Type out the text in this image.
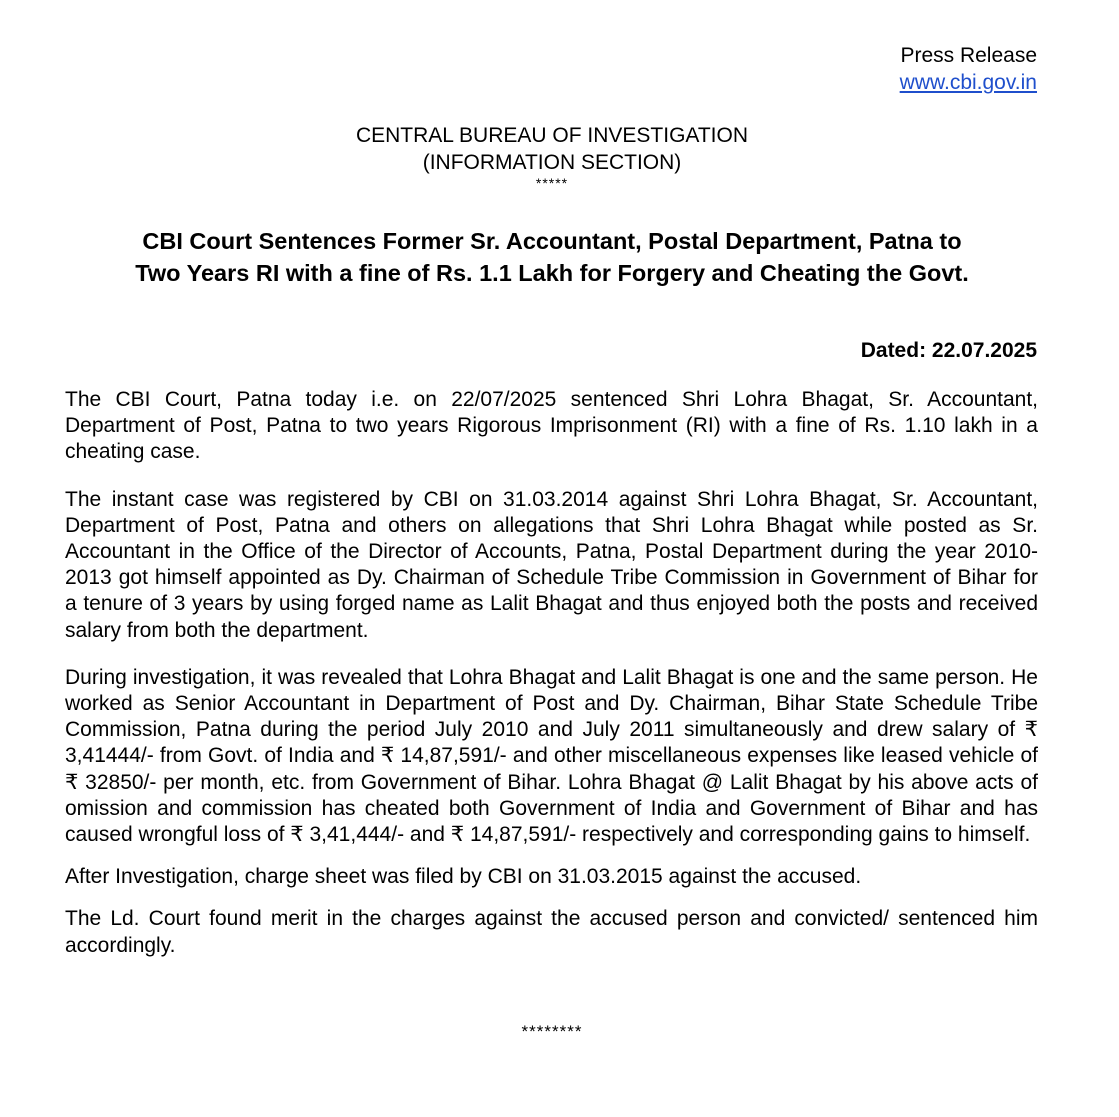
Press Release
www.cbi.gov.in
CENTRAL BUREAU OF INVESTIGATION
(INFORMATION SECTION)
*****
CBI Court Sentences Former Sr. Accountant, Postal Department, Patna to
Two Years RI with a fine of Rs. 1.1 Lakh for Forgery and Cheating the Govt.
Dated: 22.07.2025

The CBI Court, Patna today i.e. on 22/07/2025 sentenced Shri Lohra Bhagat, Sr. Accountant, Department of Post, Patna to two years Rigorous Imprisonment (RI) with a fine of Rs. 1.10 lakh in a cheating case.

The instant case was registered by CBI on 31.03.2014 against Shri Lohra Bhagat, Sr. Accountant, Department of Post, Patna and others on allegations that Shri Lohra Bhagat while posted as Sr. Accountant in the Office of the Director of Accounts, Patna, Postal Department during the year 2010-2013 got himself appointed as Dy. Chairman of Schedule Tribe Commission in Government of Bihar for a tenure of 3 years by using forged name as Lalit Bhagat and thus enjoyed both the posts and received salary from both the department.

During investigation, it was revealed that Lohra Bhagat and Lalit Bhagat is one and the same person. He worked as Senior Accountant in Department of Post and Dy. Chairman, Bihar State Schedule Tribe Commission, Patna during the period July 2010 and July 2011 simultaneously and drew salary of ₹ 3,41444/- from Govt. of India and ₹ 14,87,591/- and other miscellaneous expenses like leased vehicle of ₹ 32850/- per month, etc. from Government of Bihar. Lohra Bhagat @ Lalit Bhagat by his above acts of omission and commission has cheated both Government of India and Government of Bihar and has caused wrongful loss of ₹ 3,41,444/- and ₹ 14,87,591/- respectively and corresponding gains to himself.

After Investigation, charge sheet was filed by CBI on 31.03.2015 against the accused.

The Ld. Court found merit in the charges against the accused person and convicted/ sentenced him accordingly.

********
